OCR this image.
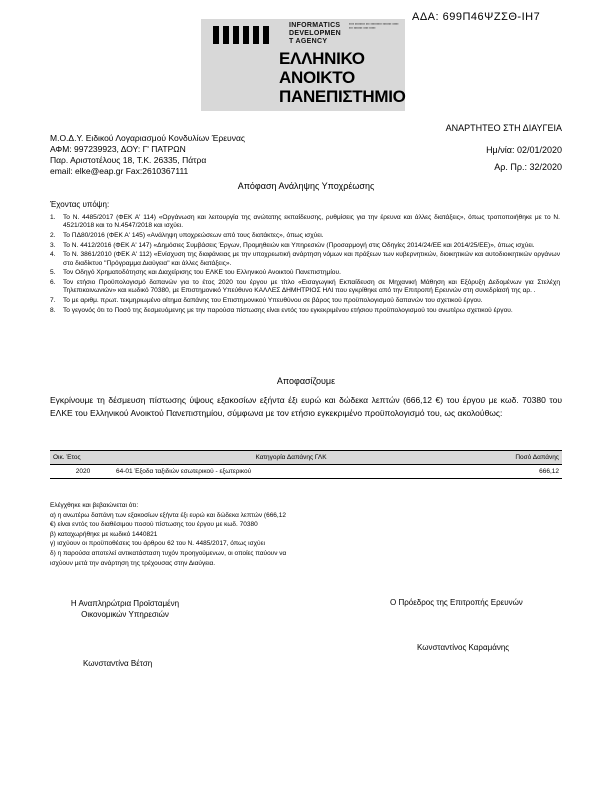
ΑΔΑ: 699Π46ΨΖΣΘ-ΙΗ7
INFORMATICS
DEVELOPMEN
T AGENCY
▪▪▪▪ ▪▪▪▪▪▪▪▪ ▪▪▪ ▪▪▪▪▪▪▪▪▪ ▪▪▪▪▪▪▪ ▪▪▪▪▪ ▪▪▪ ▪▪▪▪▪▪▪ ▪▪▪▪ ▪▪▪▪▪
ΕΛΛΗΝΙΚΟ
ΑΝΟΙΚΤΟ
ΠΑΝΕΠΙΣΤΗΜΙΟ
ΑΝΑΡΤΗΤΕΟ ΣΤΗ ΔΙΑΥΓΕΙΑ
Μ.Ο.Δ.Υ. Ειδικού Λογαριασμού Κονδυλίων Έρευνας
ΑΦΜ: 997239923, ΔΟΥ: Γ' ΠΑΤΡΩΝ
Παρ. Αριστοτέλους 18, Τ.Κ. 26335, Πάτρα
email: elke@eap.gr Fax:2610367111
Ημ/νία: 02/01/2020
Αρ. Πρ.: 32/2020
Απόφαση Ανάληψης Υποχρέωσης
Έχοντας υπόψη:
1.	Το Ν. 4485/2017 (ΦΕΚ Α' 114) «Οργάνωση και λειτουργία της ανώτατης εκπαίδευσης, ρυθμίσεις για την έρευνα και άλλες διατάξεις», όπως τροποποιήθηκε με το Ν. 4521/2018 και το Ν.4547/2018 και ισχύει.
2.	Το ΠΔ80/2016 (ΦΕΚ Α' 145) «Ανάληψη υποχρεώσεων από τους διατάκτες», όπως ισχύει.
3.	Το Ν. 4412/2016 (ΦΕΚ Α' 147) «Δημόσιες Συμβάσεις Έργων, Προμηθειών και Υπηρεσιών (Προσαρμογή στις Οδηγίες 2014/24/ΕΕ και 2014/25/ΕΕ)», όπως ισχύει.
4.	Το Ν. 3861/2010 (ΦΕΚ Α' 112) «Ενίσχυση της διαφάνειας με την υποχρεωτική ανάρτηση νόμων και πράξεων των κυβερνητικών, διοικητικών και αυτοδιοικητικών οργάνων στο διαδίκτυο "Πρόγραμμα Διαύγεια" και άλλες διατάξεις».
5.	Τον Οδηγό Χρηματοδότησης και Διαχείρισης του ΕΛΚΕ του Ελληνικού Ανοικτού Πανεπιστημίου.
6.	Τον ετήσιο Προϋπολογισμό δαπανών για το έτος 2020 του έργου με τίτλο «Εισαγωγική Εκπαίδευση σε Μηχανική Μάθηση και Εξόρυξη Δεδομένων για Στελέχη Τηλεπικοινωνιών» και κωδικό 70380, με Επιστημονικό Υπεύθυνο ΚΑΛΛΕΣ ΔΗΜΗΤΡΙΟΣ ΗΛΙ που εγκρίθηκε από την Επιτροπή Ερευνών στη συνεδρίασή της αρ. .
7.	Το με αριθμ. πρωτ. τεκμηριωμένο αίτημα δαπάνης του Επιστημονικού Υπευθύνου σε βάρος του προϋπολογισμού δαπανών του σχετικού έργου.
8.	Το γεγονός ότι το Ποσό της δεσμευόμενης με την παρούσα πίστωσης είναι εντός του εγκεκριμένου ετήσιου προϋπολογισμού του ανωτέρω σχετικού έργου.
Αποφασίζουμε
Εγκρίνουμε τη δέσμευση πίστωσης ύψους εξακοσίων εξήντα έξι ευρώ και δώδεκα λεπτών (666,12 €) του έργου με κωδ. 70380 του ΕΛΚΕ του Ελληνικού Ανοικτού Πανεπιστημίου, σύμφωνα με τον ετήσιο εγκεκριμένο προϋπολογισμό του, ως ακολούθως:
Οικ. Έτος	Κατηγορία Δαπάνης ΓΛΚ	Ποσό Δαπάνης
2020	64-01 Έξοδα ταξιδιών εσωτερικού - εξωτερικού	666,12
Ελέγχθηκε και βεβαιώνεται ότι:
α) η ανωτέρω δαπάνη των εξακοσίων εξήντα έξι ευρώ και δώδεκα λεπτών (666,12
€) είναι εντός του διαθέσιμου ποσού πίστωσης του έργου με κωδ. 70380
β) καταχωρήθηκε με κωδικό 1440821
γ) ισχύουν οι προϋποθέσεις του άρθρου 62 του Ν. 4485/2017, όπως ισχύει
δ) η παρούσα αποτελεί αντικατάσταση τυχόν προηγούμενων, οι οποίες παύουν να
ισχύουν μετά την ανάρτηση της τρέχουσας στην Διαύγεια.
Η Αναπληρώτρια Προϊσταμένη
Οικονομικών Υπηρεσιών
Κωνσταντίνα Βέτση
Ο Πρόεδρος της Επιτροπής Ερευνών
Κωνσταντίνος Καραμάνης
